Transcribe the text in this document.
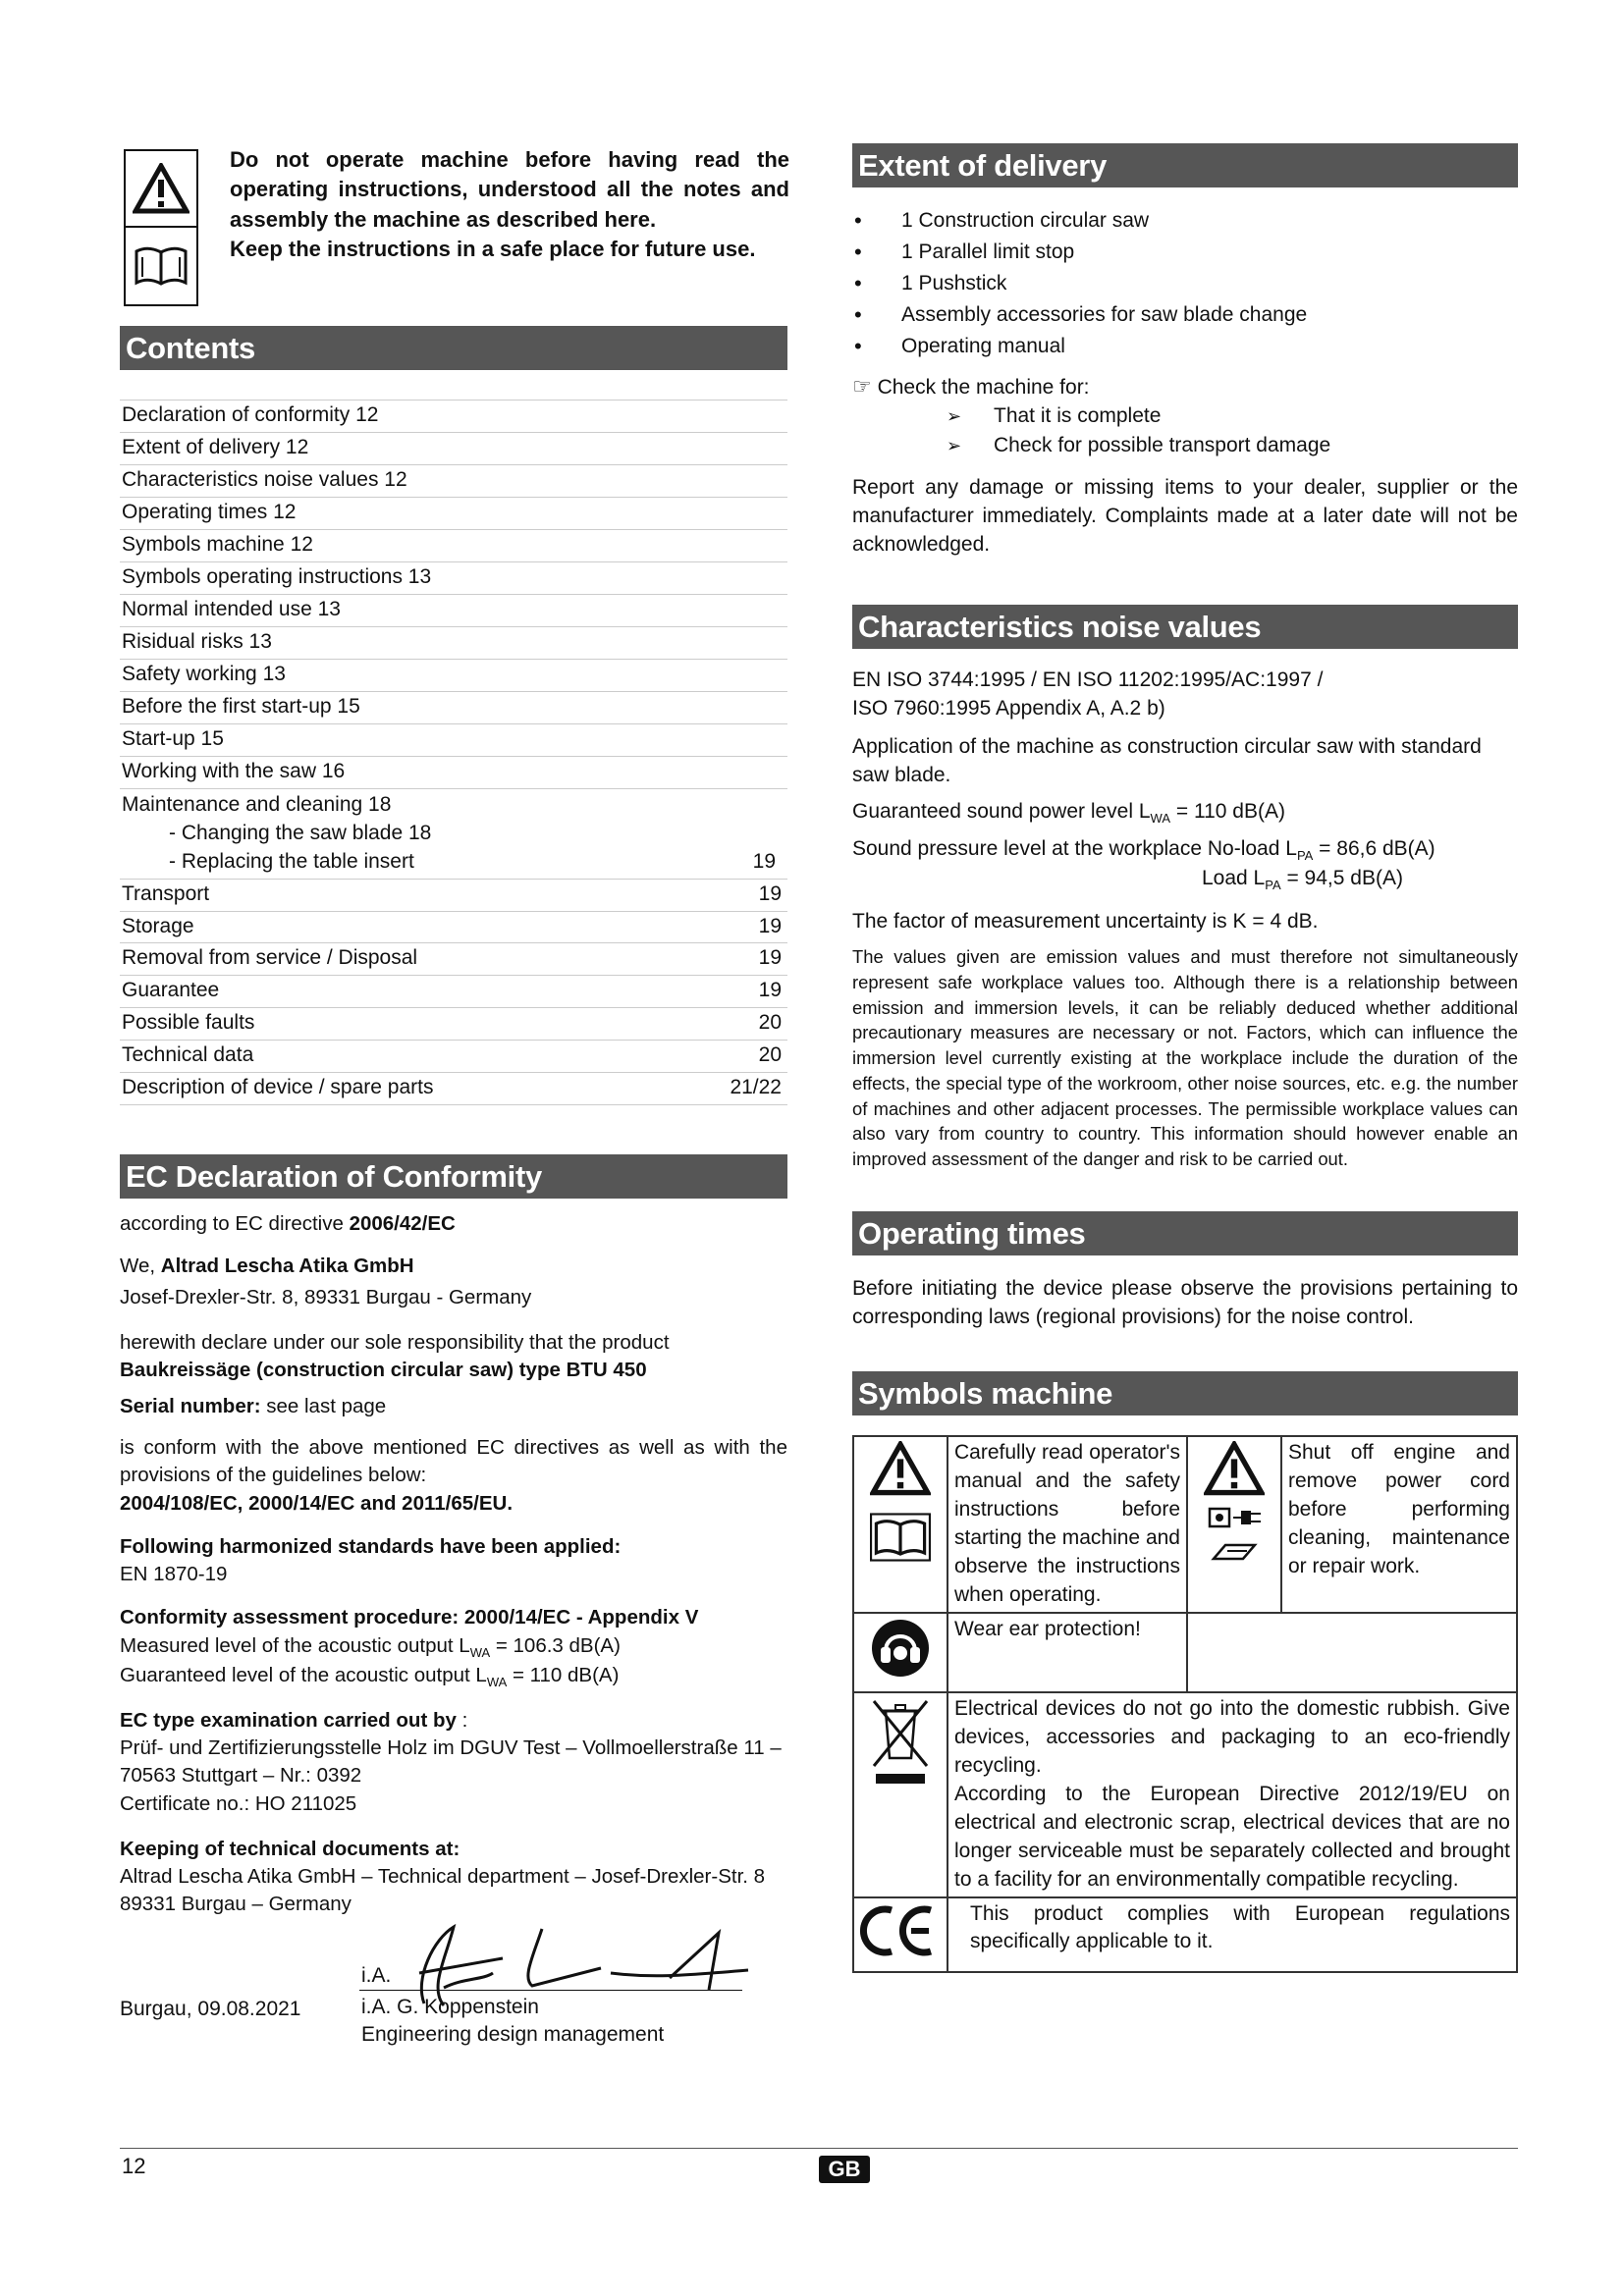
Do not operate machine before having read the operating instructions, understood all the notes and assembly the machine as described here.

Keep the instructions in a safe place for future use.

Contents
Declaration of conformity 12
Extent of delivery 12
Characteristics noise values 12
Operating times 12
Symbols machine 12
Symbols operating instructions 13
Normal intended use 13
Risidual risks 13
Safety working 13
Before the first start-up 15
Start-up 15
Working with the saw 16
Maintenance and cleaning 18
- Changing the saw blade 18
- Replacing the table insert	19
Transport	19
Storage	19
Removal from service / Disposal	19
Guarantee	19
Possible faults	20
Technical data	20
Description of device / spare parts	21/22
EC Declaration of Conformity

according to EC directive 2006/42/EC

We, Altrad Lescha Atika GmbH

Josef-Drexler-Str. 8, 89331 Burgau - Germany

herewith declare under our sole responsibility that the product

Baukreissäge (construction circular saw) type BTU 450

Serial number: see last page

is conform with the above mentioned EC directives as well as with the provisions of the guidelines below:

2004/108/EC, 2000/14/EC and 2011/65/EU.

Following harmonized standards have been applied:

EN 1870-19

Conformity assessment procedure: 2000/14/EC - Appendix V

Measured level of the acoustic output $L_{WA} = 106.3$ dB(A)

Guaranteed level of the acoustic output $L_{WA} = 110$ dB(A)

EC type examination carried out by :

Prüf- und Zertifizierungsstelle Holz im DGUV Test – Vollmoellerstraße 11 –

70563 Stuttgart – Nr.: 0392

Certificate no.: HO 211025

Keeping of technical documents at:

Altrad Lescha Atika GmbH – Technical department – Josef-Drexler-Str. 8

89331 Burgau – Germany

Burgau, 09.08.2021
i.A.
i.A. G. Koppenstein
Engineering design management
Extent of delivery
• 1 Construction circular saw
• 1 Parallel limit stop
• 1 Pushstick
• Assembly accessories for saw blade change
• Operating manual
☞ Check the machine for:
➢ That it is complete
➢ Check for possible transport damage

Report any damage or missing items to your dealer, supplier or the manufacturer immediately. Complaints made at a later date will not be acknowledged.

Characteristics noise values

EN ISO 3744:1995 / EN ISO 11202:1995/AC:1997 /

ISO 7960:1995 Appendix A, A.2 b)

Application of the machine as construction circular saw with standard saw blade.

Guaranteed sound power level $L_{WA} = 110$ dB(A)

Sound pressure level at the workplace No-load $L_{PA} = 86,6$ dB(A)

Load $L_{PA} = 94,5$ dB(A)

The factor of measurement uncertainty is K = 4 dB.

The values given are emission values and must therefore not simultaneously represent safe workplace values too. Although there is a relationship between emission and immersion levels, it can be reliably deduced whether additional precautionary measures are necessary or not. Factors, which can influence the immersion level currently existing at the workplace include the duration of the effects, the special type of the workroom, other noise sources, etc. e.g. the number of machines and other adjacent processes. The permissible workplace values can also vary from country to country. This information should however enable an improved assessment of the danger and risk to be carried out.

Operating times

Before initiating the device please observe the provisions pertaining to corresponding laws (regional provisions) for the noise control.

Symbols machine
	Carefully read operator's manual and the safety instructions before starting the machine and observe the instructions when operating.		Shut off engine and remove power cord before performing cleaning, maintenance or repair work.
	Wear ear protection!		

Electrical devices do not go into the domestic rubbish. Give devices, accessories and packaging to an eco-friendly recycling.

According to the European Directive 2012/19/EU on electrical and electronic scrap, electrical devices that are no longer serviceable must be separately collected and brought to a facility for an environmentally compatible recycling.		

	This product complies with European regulations specifically applicable to it.		
12	GB
